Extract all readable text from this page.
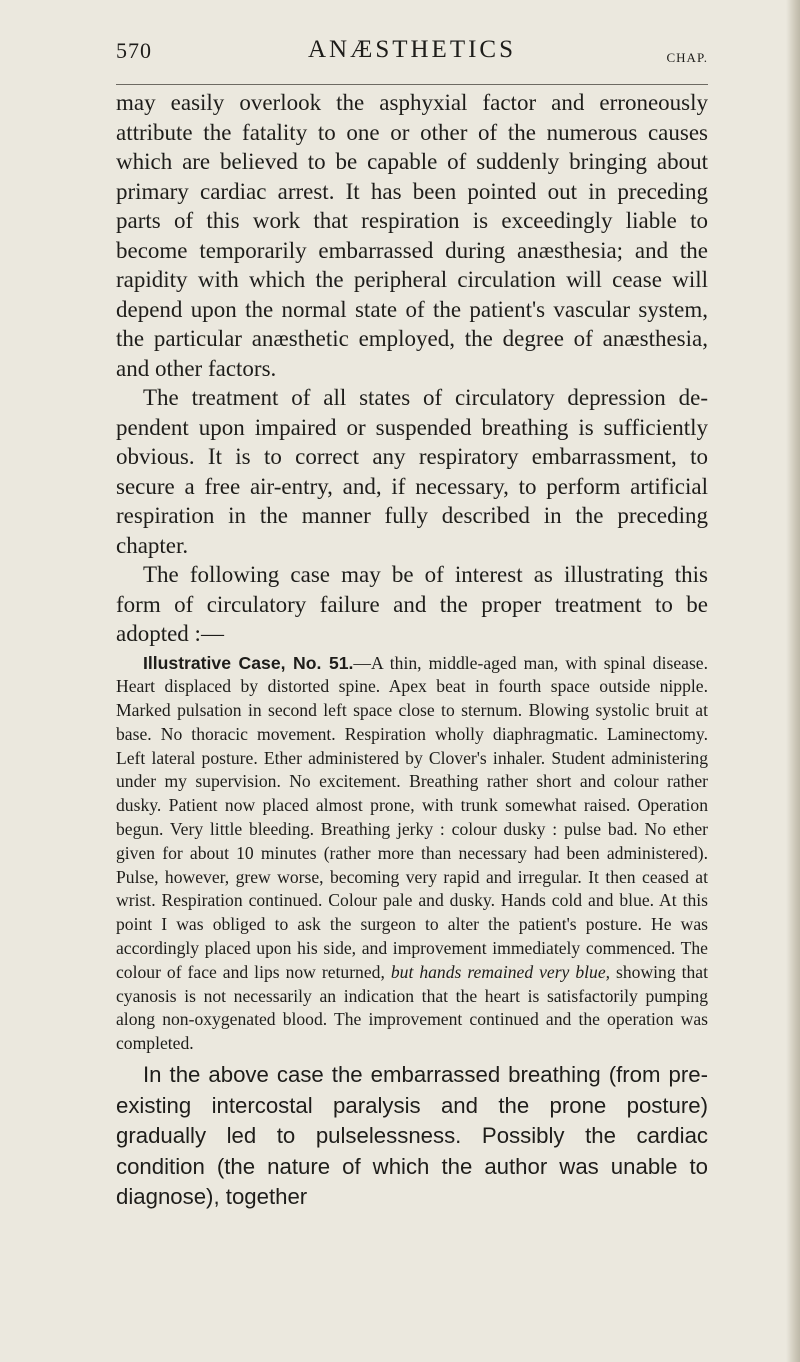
570	ANÆSTHETICS	CHAP.

may easily overlook the asphyxial factor and erroneously attribute the fatality to one or other of the numerous causes which are believed to be capable of suddenly bringing about primary cardiac arrest. It has been pointed out in preceding parts of this work that respiration is exceedingly liable to become temporarily embarrassed during anæsthesia; and the rapidity with which the peripheral circulation will cease will depend upon the normal state of the patient's vascular system, the particular anæsthetic employed, the degree of anæsthesia, and other factors.

The treatment of all states of circulatory depression dependent upon impaired or suspended breathing is sufficiently obvious. It is to correct any respiratory embarrassment, to secure a free air-entry, and, if necessary, to perform artificial respiration in the manner fully described in the preceding chapter.

The following case may be of interest as illustrating this form of circulatory failure and the proper treatment to be adopted :—

Illustrative Case, No. 51.—A thin, middle-aged man, with spinal disease. Heart displaced by distorted spine. Apex beat in fourth space outside nipple. Marked pulsation in second left space close to sternum. Blowing systolic bruit at base. No thoracic movement. Respiration wholly diaphragmatic. Laminectomy. Left lateral posture. Ether administered by Clover's inhaler. Student administering under my supervision. No excitement. Breathing rather short and colour rather dusky. Patient now placed almost prone, with trunk somewhat raised. Operation begun. Very little bleeding. Breathing jerky : colour dusky : pulse bad. No ether given for about 10 minutes (rather more than necessary had been administered). Pulse, however, grew worse, becoming very rapid and irregular. It then ceased at wrist. Respiration continued. Colour pale and dusky. Hands cold and blue. At this point I was obliged to ask the surgeon to alter the patient's posture. He was accordingly placed upon his side, and improvement immediately commenced. The colour of face and lips now returned, but hands remained very blue, showing that cyanosis is not necessarily an indication that the heart is satisfactorily pumping along non-oxygenated blood. The improvement continued and the operation was completed.

In the above case the embarrassed breathing (from pre-existing intercostal paralysis and the prone posture) gradually led to pulselessness. Possibly the cardiac condition (the nature of which the author was unable to diagnose), together
